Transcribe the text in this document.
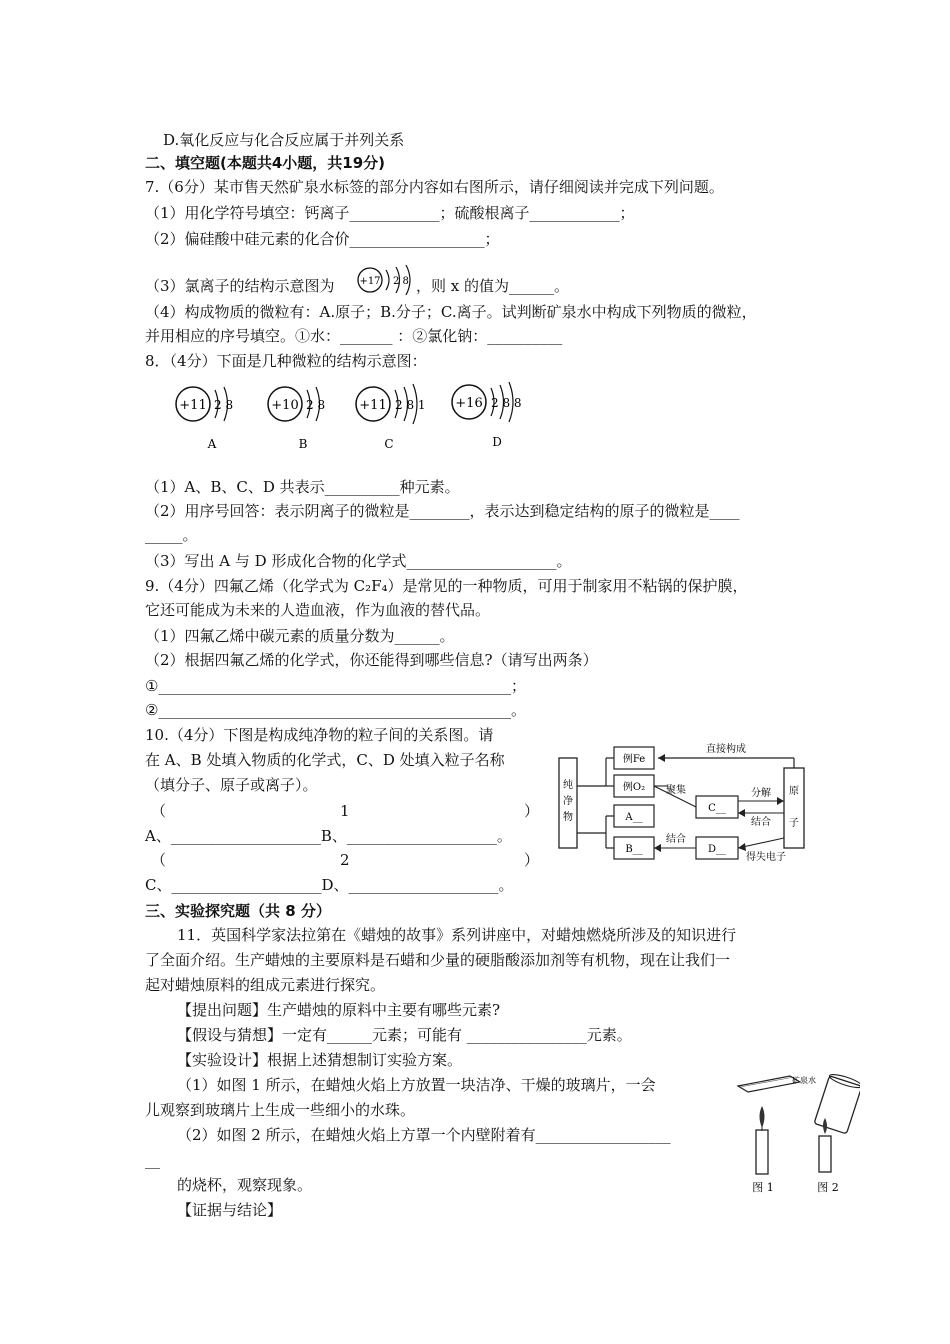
D.氧化反应与化合反应属于并列关系
二、填空题(本题共4小题，共19分)
7.（6分）某市售天然矿泉水标签的部分内容如右图所示，请仔细阅读并完成下列问题。
（1）用化学符号填空：钙离子____________；硫酸根离子____________；
（2）偏硅酸中硅元素的化合价__________________；
（3）氯离子的结构示意图为 +17 2 8 ，则 x 的值为______。
（4）构成物质的微粒有：A.原子；B.分子；C.离子。试判断矿泉水中构成下列物质的微粒，
并用相应的序号填空。①水：_______ ：②氯化钠：__________
8．（4分）下面是几种微粒的结构示意图：
+11 2 8
A
+10 2 8
B
+11 2 8 1
C
+16 2 8 8
D
（1）A、B、C、D 共表示__________种元素。
（2）用序号回答：表示阴离子的微粒是________，表示达到稳定结构的原子的微粒是____
_____。
（3）写出 A 与 D 形成化合物的化学式____________________。
9.（4分）四氟乙烯（化学式为 C₂F₄）是常见的一种物质，可用于制家用不粘锅的保护膜，
它还可能成为未来的人造血液，作为血液的替代品。
（1）四氟乙烯中碳元素的质量分数为______。
（2）根据四氟乙烯的化学式，你还能得到哪些信息?（请写出两条）
①_______________________________________________；
②_______________________________________________。
10.（4分）下图是构成纯净物的粒子间的关系图。请
在 A、B 处填入物质的化学式，C、D 处填入粒子名称
（填分子、原子或离子）。
（	1	）
A、____________________B、____________________。
（	2	）
C、____________________D、____________________。
纯
净
物
例Fe
例O₂
A__
B__
C__
D__
原
子
直接构成
聚集	分解
结合
结合
得失电子
三、实验探究题（共 8 分）
11．英国科学家法拉第在《蜡烛的故事》系列讲座中，对蜡烛燃烧所涉及的知识进行
了全面介绍。生产蜡烛的主要原料是石蜡和少量的硬脂酸添加剂等有机物，现在让我们一
起对蜡烛原料的组成元素进行探究。
【提出问题】生产蜡烛的原料中主要有哪些元素?
【假设与猜想】一定有______元素；可能有 ________________元素。
【实验设计】根据上述猜想制订实验方案。
（1）如图 1 所示，在蜡烛火焰上方放置一块洁净、干燥的玻璃片，一会
儿观察到玻璃片上生成一些细小的水珠。
（2）如图 2 所示，在蜡烛火焰上方罩一个内壁附着有__________________
__
的烧杯，观察现象。
【证据与结论】
图 1
矿泉水
图 2
